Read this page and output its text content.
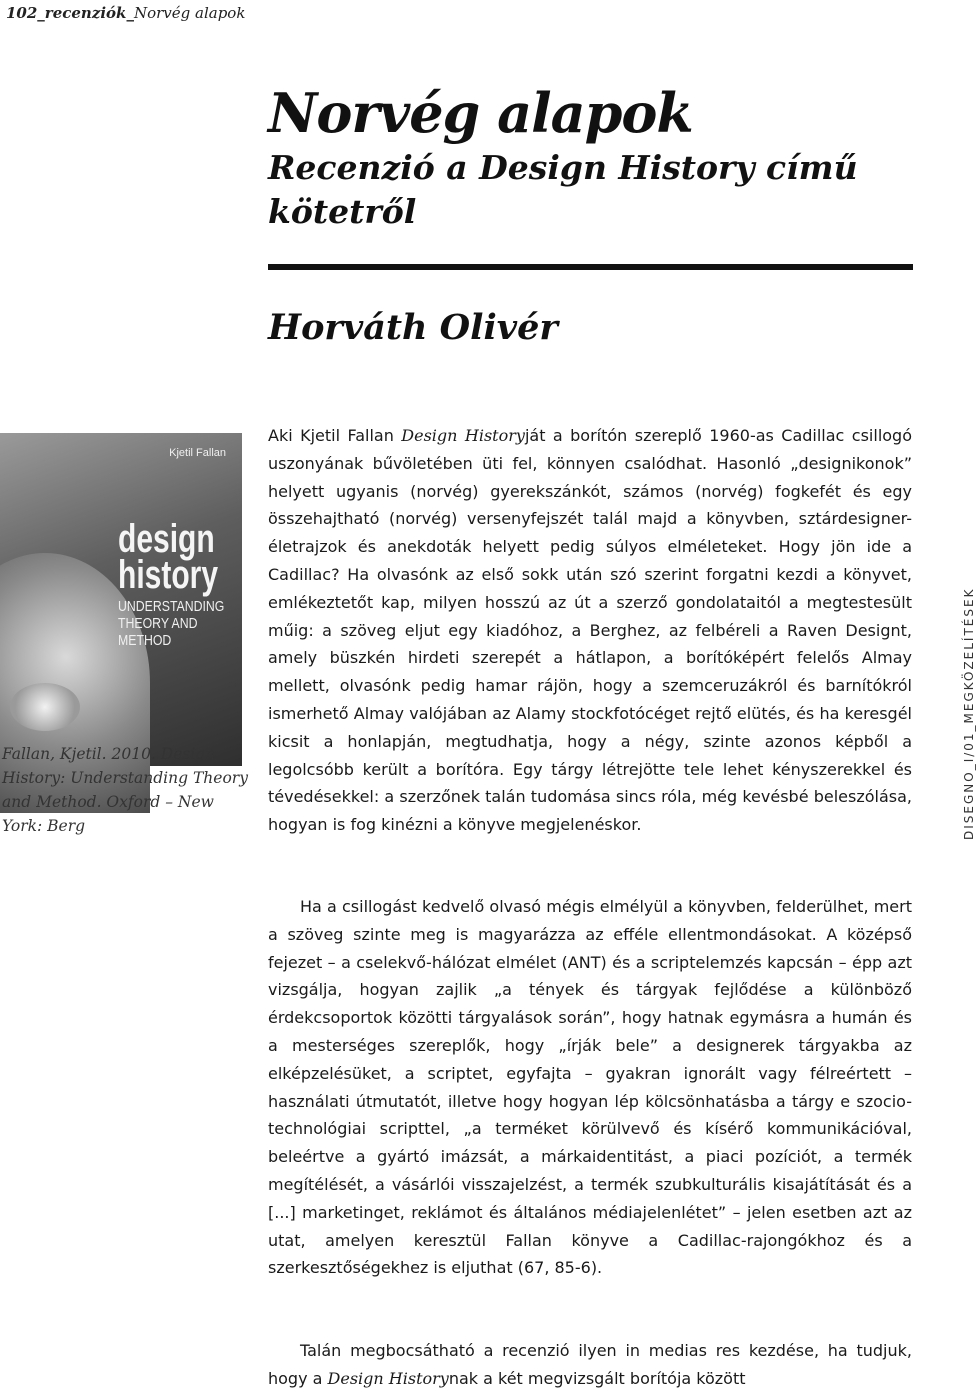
102_recenziók_Norvég alapok
Norvég alapok
Recenzió a Design History című kötetről
Horváth Olivér
Kjetil Fallan
design
history
UNDERSTANDING THEORY AND METHOD
Fallan, Kjetil. 2010. Design History: Understanding Theory and Method. Oxford – New York: Berg

Aki Kjetil Fallan Design Historyját a borítón szereplő 1960-as Cadillac csillogó uszonyának bűvöletében üti fel, könnyen csalódhat. Hasonló „designikonok” helyett ugyanis (norvég) gyerekszánkót, számos (norvég) fogkefét és egy összehajtható (norvég) versenyfejszét talál majd a könyvben, sztárdesigner-életrajzok és anekdoták helyett pedig súlyos elméleteket. Hogy jön ide a Cadillac? Ha olvasónk az első sokk után szó szerint forgatni kezdi a könyvet, emlékeztetőt kap, milyen hosszú az út a szerző gondolataitól a megtestesült műig: a szöveg eljut egy kiadóhoz, a Berghez, az felbéreli a Raven Designt, amely büszkén hirdeti szerepét a hátlapon, a borítóképért felelős Almay mellett, olvasónk pedig hamar rájön, hogy a szemceruzákról és barnítókról ismerhető Almay valójában az Alamy stockfotócéget rejtő elütés, és ha keresgél kicsit a honlapján, megtudhatja, hogy a négy, szinte azonos képből a legolcsóbb került a borítóra. Egy tárgy létrejötte tele lehet kényszerekkel és tévedésekkel: a szerzőnek talán tudomása sincs róla, még kevésbé beleszólása, hogyan is fog kinézni a könyve megjelenéskor.

Ha a csillogást kedvelő olvasó mégis elmélyül a könyvben, felderülhet, mert a szöveg szinte meg is magyarázza az efféle ellentmondásokat. A középső fejezet – a cselekvő-hálózat elmélet (ANT) és a scriptelemzés kapcsán – épp azt vizsgálja, hogyan zajlik „a tények és tárgyak fejlődése a különböző érdekcsoportok közötti tárgyalások során”, hogy hatnak egymásra a humán és a mesterséges szereplők, hogy „írják bele” a designerek tárgyakba az elképzelésüket, a scriptet, egyfajta – gyakran ignorált vagy félreértett – használati útmutatót, illetve hogy hogyan lép kölcsönhatásba a tárgy e szocio-technológiai scripttel, „a terméket körülvevő és kísérő kommunikációval, beleértve a gyártó imázsát, a márkaidentitást, a piaci pozíciót, a termék megítélését, a vásárlói visszajelzést, a termék szubkulturális kisajátítását és a [...] marketinget, reklámot és általános médiajelenlétet” – jelen esetben azt az utat, amelyen keresztül Fallan könyve a Cadillac-rajongókhoz és a szerkesztőségekhez is eljuthat (67, 85-6).

Talán megbocsátható a recenzió ilyen in medias res kezdése, ha tudjuk, hogy a Design Historynak a két megvizsgált borítója között

DISEGNO_I/01_MEGKÖZELÍTÉSEK
